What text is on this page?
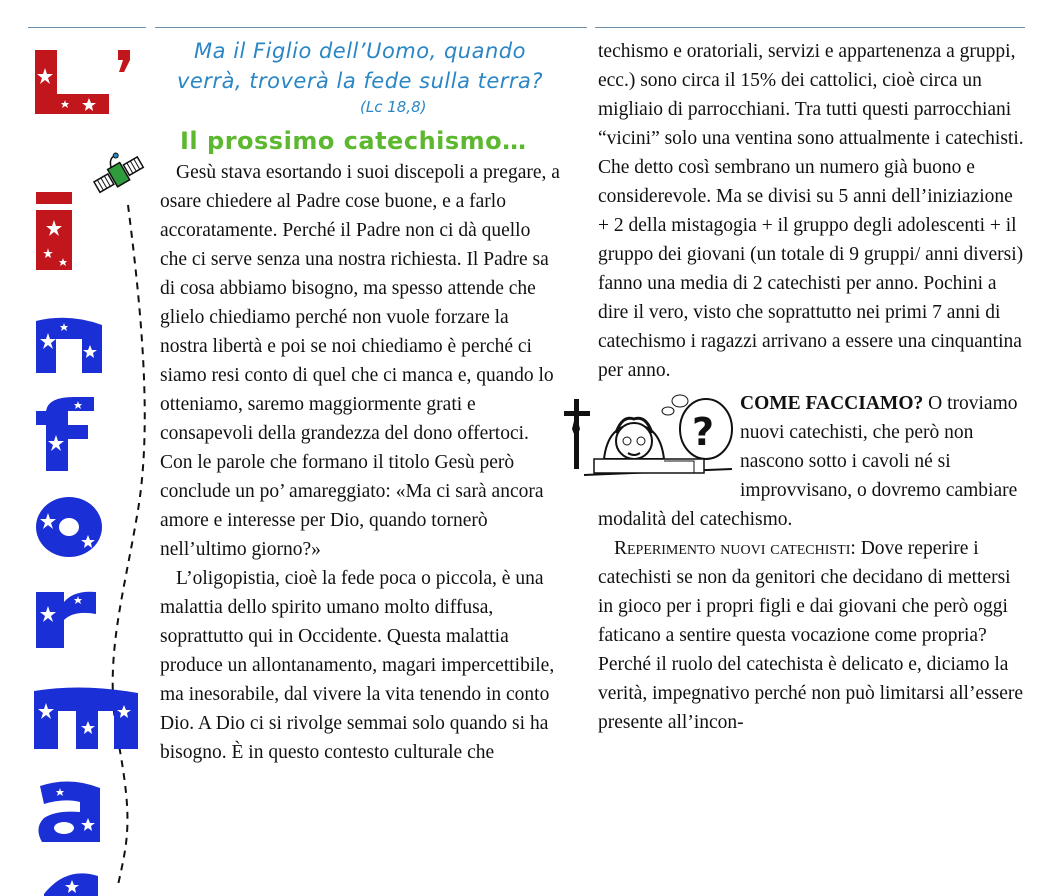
Ma il Figlio dell’Uomo, quando verrà, troverà la fede sulla terra?

(Lc 18,8)

Il prossimo catechismo…

Gesù stava esortando i suoi discepoli a pregare, a osare chiedere al Padre cose buone, e a farlo accoratamente. Perché il Padre non ci dà quello che ci serve senza una nostra richiesta. Il Padre sa di cosa abbiamo bisogno, ma spesso attende che glielo chiediamo perché non vuole forzare la nostra libertà e poi se noi chiediamo è perché ci siamo resi conto di quel che ci manca e, quando lo otteniamo, saremo maggiormente grati e consapevoli della grandezza del dono offertoci. Con le parole che formano il titolo Gesù però conclude un po’ amareggiato: «Ma ci sarà ancora amore e interesse per Dio, quando tornerò nell’ultimo giorno?»

L’oligopistia, cioè la fede poca o piccola, è una malattia dello spirito umano molto diffusa, soprattutto qui in Occidente. Questa malattia produce un allontanamento, magari impercettibile, ma inesorabile, dal vivere la vita tenendo in conto Dio. A Dio ci si rivolge semmai solo quando si ha bisogno. È in questo contesto culturale che

techismo e oratoriali, servizi e appartenenza a gruppi, ecc.) sono circa il 15% dei cattolici, cioè circa un migliaio di parrocchiani. Tra tutti questi parrocchiani “vicini” solo una ventina sono attualmente i catechisti. Che detto così sembrano un numero già buono e considerevole. Ma se divisi su 5 anni dell’iniziazione + 2 della mistagogia + il gruppo degli adolescenti + il gruppo dei giovani (un totale di 9 gruppi/ anni diversi) fanno una media di 2 catechisti per anno. Pochini a dire il vero, visto che soprattutto nei primi 7 anni di catechismo i ragazzi arrivano a essere una cinquantina per anno.

?

COME FACCIAMO? O troviamo nuovi catechisti, che però non nascono sotto i cavoli né si improvvisano, o dovremo cambiare modalità del catechismo.

Reperimento nuovi catechisti: Dove reperire i catechisti se non da genitori che decidano di mettersi in gioco per i propri figli e dai giovani che però oggi faticano a sentire questa vocazione come propria? Perché il ruolo del catechista è delicato e, diciamo la verità, impegnativo perché non può limitarsi all’essere presente all’incon-
